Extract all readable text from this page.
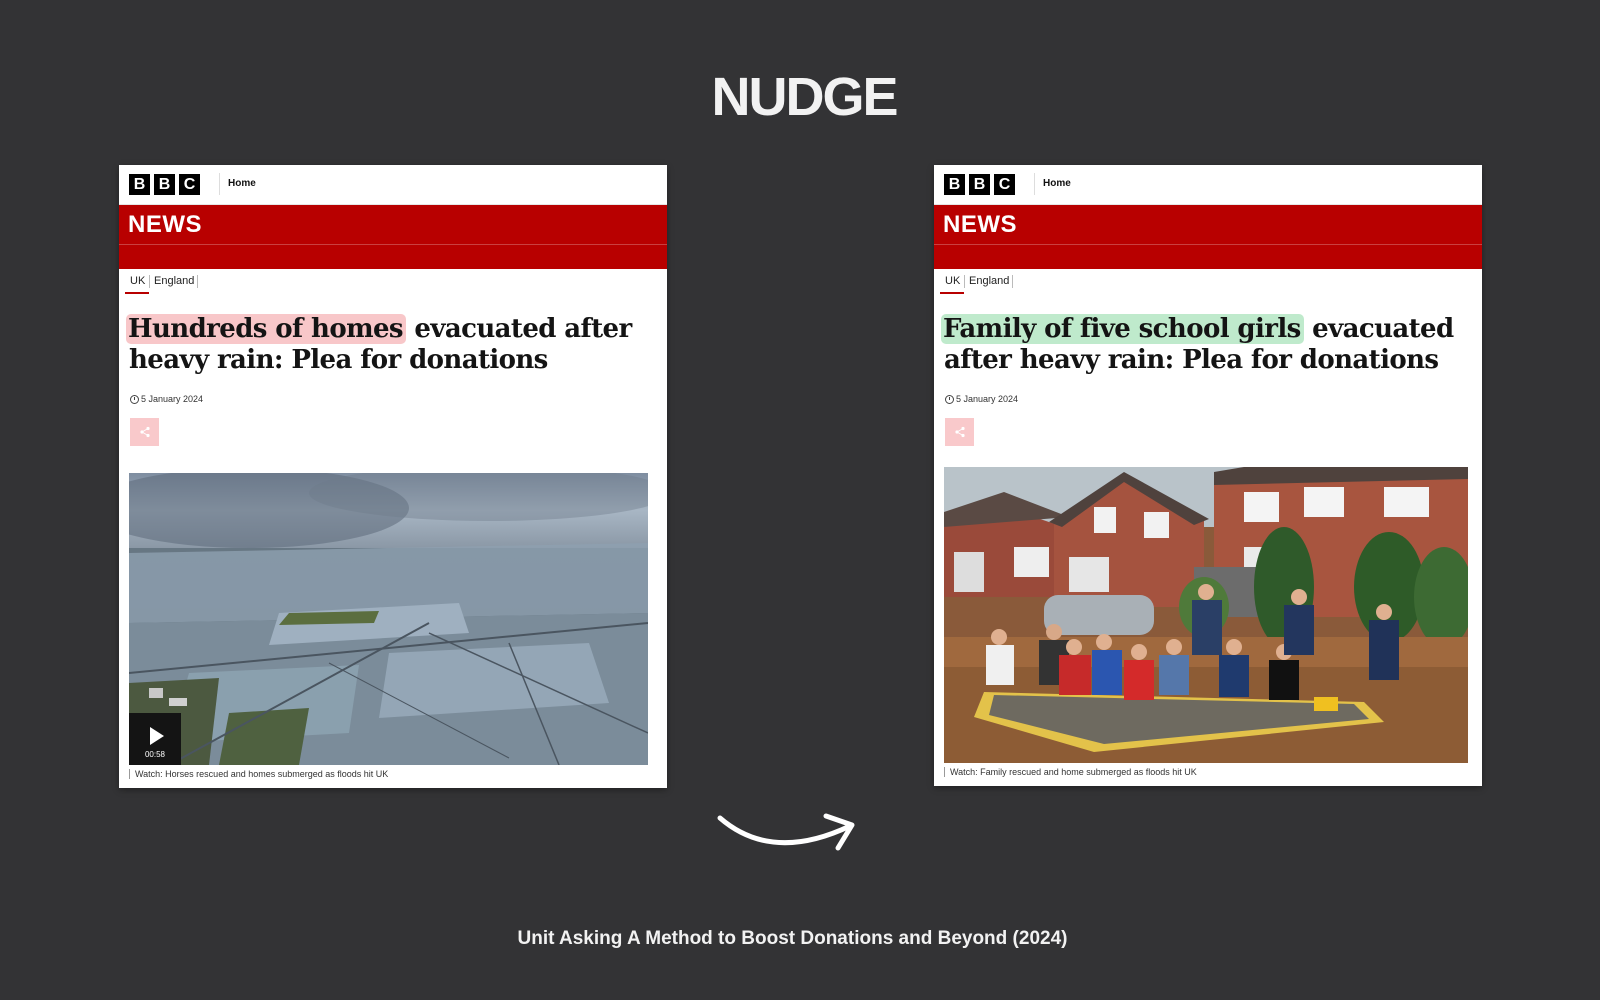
NUDGE
B B C	Home
NEWS
UK England
Hundreds of homes evacuated after heavy rain: Plea for donations
5 January 2024
00:58
Watch: Horses rescued and homes submerged as floods hit UK
B B C	Home
NEWS
UK England
Family of five school girls evacuated after heavy rain: Plea for donations
5 January 2024
Watch: Family rescued and home submerged as floods hit UK
Unit Asking A Method to Boost Donations and Beyond (2024)
